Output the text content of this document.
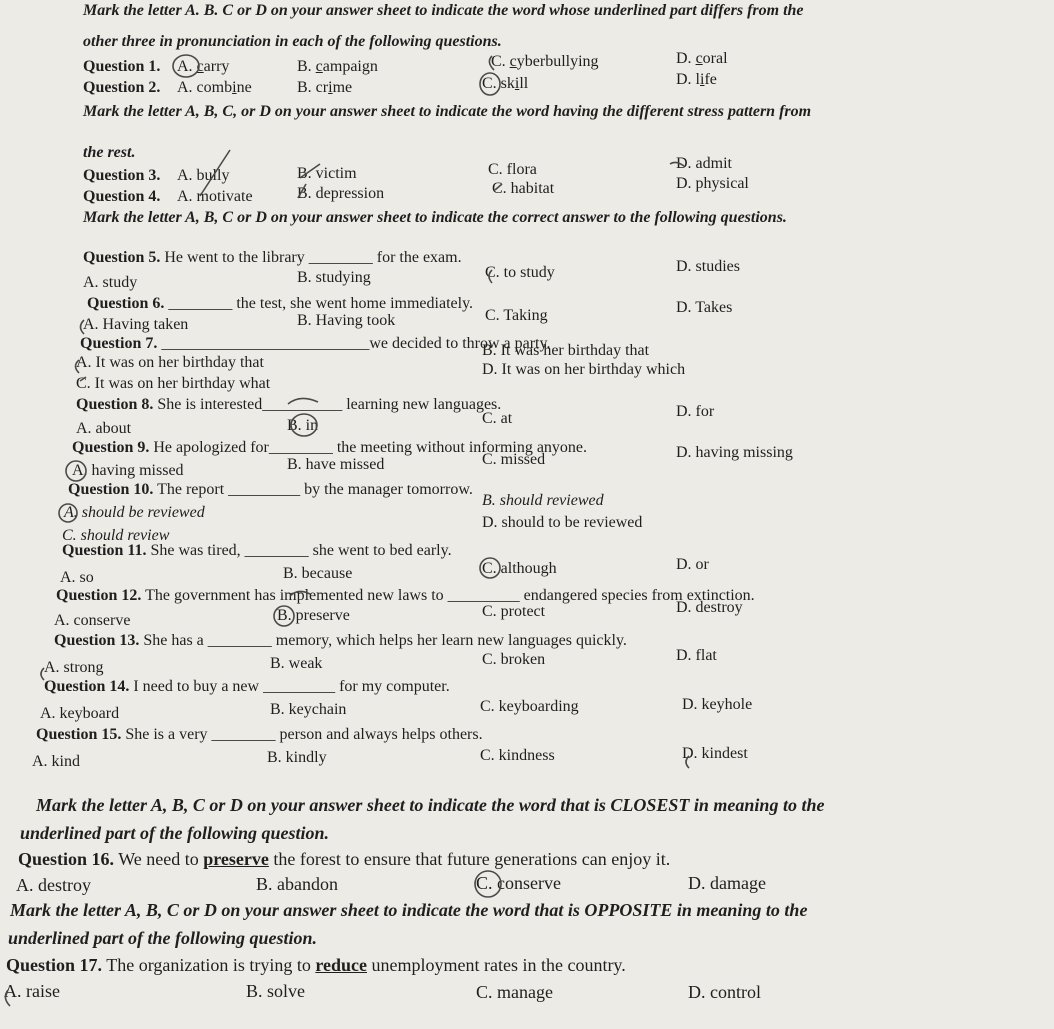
Mark the letter A. B. C or D on your answer sheet to indicate the word whose underlined part differs from the
other three in pronunciation in each of the following questions.
Question 1. A. carry	B. campaign	C. cyberbullying	D. coral
Question 2. A. combine	B. crime	C. skill	D. life
Mark the letter A, B, C, or D on your answer sheet to indicate the word having the different stress pattern from
the rest.
Question 3. A. bully	B. victim	C. flora	D. admit
Question 4. A. motivate	B. depression	C. habitat	D. physical
Mark the letter A, B, C or D on your answer sheet to indicate the correct answer to the following questions.
Question 5. He went to the library ________ for the exam.
A. study	B. studying	C. to study	D. studies
Question 6. ________ the test, she went home immediately.
A. Having taken	B. Having took	C. Taking	D. Takes
Question 7. __________________________we decided to throw a party.
A. It was on her birthday that
B. It was her birthday that
C. It was on her birthday what
D. It was on her birthday which
Question 8. She is interested__________ learning new languages.
A. about	B. in	C. at	D. for
Question 9. He apologized for________ the meeting without informing anyone.
A. having missed	B. have missed	C. missed	D. having missing
Question 10. The report _________ by the manager tomorrow.
A. should be reviewed
B. should reviewed
C. should review
D. should to be reviewed
Question 11. She was tired, ________ she went to bed early.
A. so	B. because	C. although	D. or
Question 12. The government has implemented new laws to _________ endangered species from extinction.
A. conserve	B. preserve	C. protect	D. destroy
Question 13. She has a ________ memory, which helps her learn new languages quickly.
A. strong	B. weak	C. broken	D. flat
Question 14. I need to buy a new _________ for my computer.
A. keyboard	B. keychain	C. keyboarding	D. keyhole
Question 15. She is a very ________ person and always helps others.
A. kind	B. kindly	C. kindness	D. kindest
Mark the letter A, B, C or D on your answer sheet to indicate the word that is CLOSEST in meaning to the
underlined part of the following question.
Question 16. We need to preserve the forest to ensure that future generations can enjoy it.
A. destroy	B. abandon	C. conserve	D. damage
Mark the letter A, B, C or D on your answer sheet to indicate the word that is OPPOSITE in meaning to the
underlined part of the following question.
Question 17. The organization is trying to reduce unemployment rates in the country.
A. raise	B. solve	C. manage	D. control
